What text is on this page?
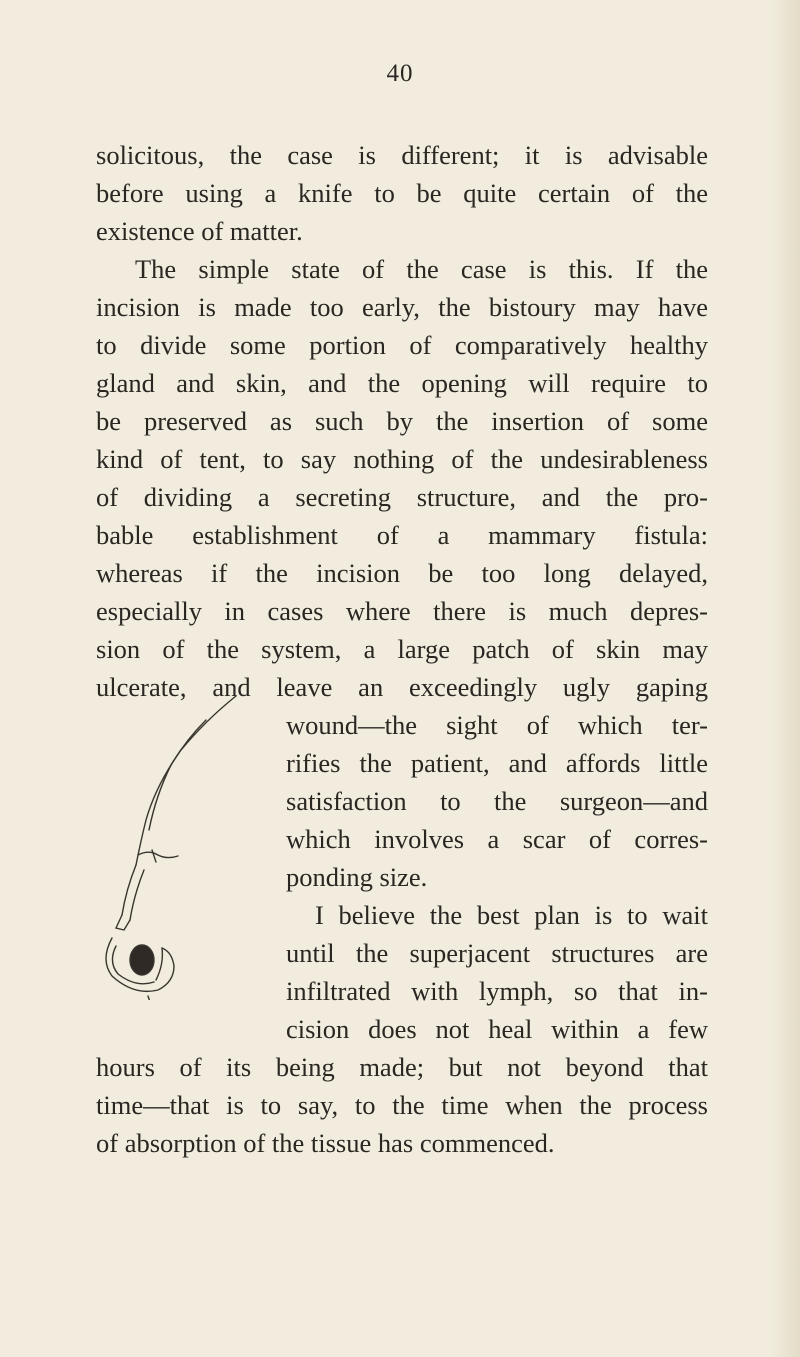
40
solicitous, the case is different; it is advisable
before using a knife to be quite certain of the
existence of matter.
The simple state of the case is this. If the
incision is made too early, the bistoury may have
to divide some portion of comparatively healthy
gland and skin, and the opening will require to
be preserved as such by the insertion of some
kind of tent, to say nothing of the undesirableness
of dividing a secreting structure, and the pro-
bable establishment of a mammary fistula:
whereas if the incision be too long delayed,
especially in cases where there is much depres-
sion of the system, a large patch of skin may
ulcerate, and leave an exceedingly ugly gaping
wound—the sight of which ter-
rifies the patient, and affords little
satisfaction to the surgeon—and
which involves a scar of corres-
ponding size.
I believe the best plan is to wait
until the superjacent structures are
infiltrated with lymph, so that in-
cision does not heal within a few
hours of its being made; but not beyond that
time—that is to say, to the time when the process
of absorption of the tissue has commenced.
